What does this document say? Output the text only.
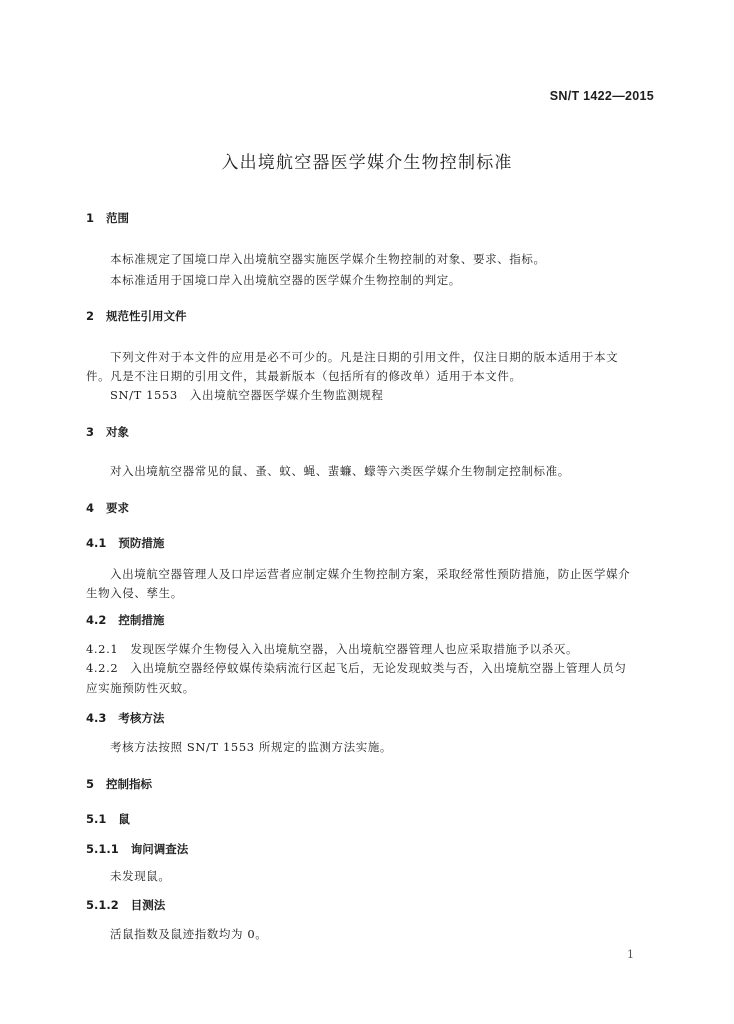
SN/T 1422—2015
入出境航空器医学媒介生物控制标准
1 范围
本标准规定了国境口岸入出境航空器实施医学媒介生物控制的对象、要求、指标。
本标准适用于国境口岸入出境航空器的医学媒介生物控制的判定。
2 规范性引用文件
下列文件对于本文件的应用是必不可少的。凡是注日期的引用文件，仅注日期的版本适用于本文
件。凡是不注日期的引用文件，其最新版本（包括所有的修改单）适用于本文件。
SN/T 1553　入出境航空器医学媒介生物监测规程
3 对象
对入出境航空器常见的鼠、蚤、蚊、蝇、蜚蠊、蠓等六类医学媒介生物制定控制标准。
4 要求
4.1 预防措施
入出境航空器管理人及口岸运营者应制定媒介生物控制方案，采取经常性预防措施，防止医学媒介
生物入侵、孳生。
4.2 控制措施
4.2.1　发现医学媒介生物侵入入出境航空器，入出境航空器管理人也应采取措施予以杀灭。
4.2.2　入出境航空器经停蚊媒传染病流行区起飞后，无论发现蚊类与否，入出境航空器上管理人员匀
应实施预防性灭蚊。
4.3 考核方法
考核方法按照 SN/T 1553 所规定的监测方法实施。
5 控制指标
5.1 鼠
5.1.1 询问调查法
未发现鼠。
5.1.2 目测法
活鼠指数及鼠迹指数均为 0。
1
